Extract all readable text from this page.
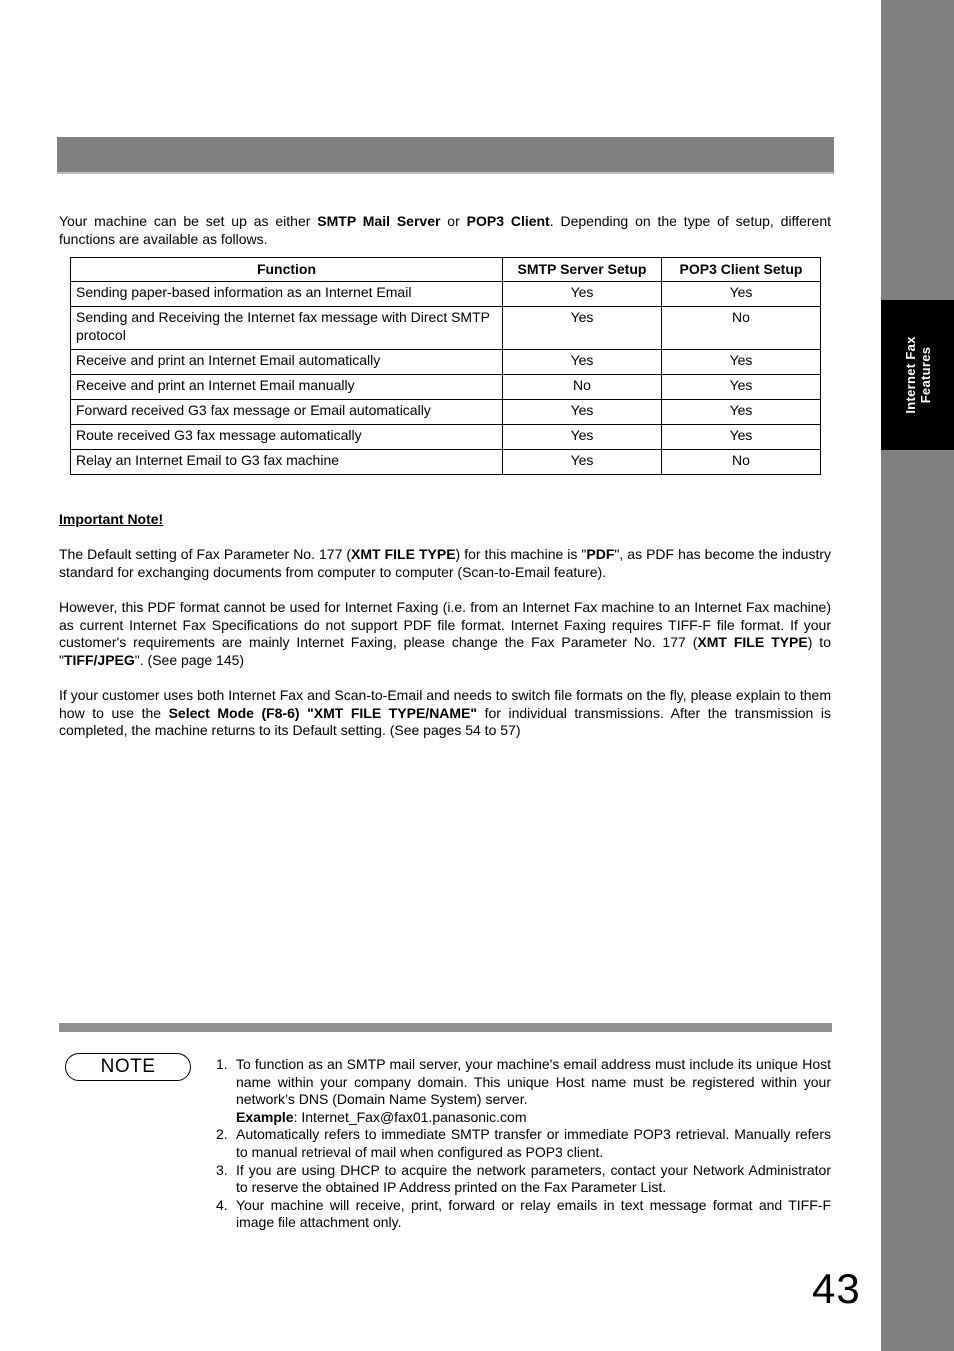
Internet Fax
Features
Your machine can be set up as either SMTP Mail Server or POP3 Client. Depending on the type of setup, different functions are available as follows.
Function	SMTP Server Setup	POP3 Client Setup
Sending paper-based information as an Internet Email	Yes	Yes
Sending and Receiving the Internet fax message with Direct SMTP protocol	Yes	No
Receive and print an Internet Email automatically	Yes	Yes
Receive and print an Internet Email manually	No	Yes
Forward received G3 fax message or Email automatically	Yes	Yes
Route received G3 fax message automatically	Yes	Yes
Relay an Internet Email to G3 fax machine	Yes	No
Important Note!
The Default setting of Fax Parameter No. 177 (XMT FILE TYPE) for this machine is "PDF", as PDF has become the industry standard for exchanging documents from computer to computer (Scan-to-Email feature).
However, this PDF format cannot be used for Internet Faxing (i.e. from an Internet Fax machine to an Internet Fax machine) as current Internet Fax Specifications do not support PDF file format. Internet Faxing requires TIFF-F file format. If your customer's requirements are mainly Internet Faxing, please change the Fax Parameter No. 177 (XMT FILE TYPE) to "TIFF/JPEG". (See page 145)
If your customer uses both Internet Fax and Scan-to-Email and needs to switch file formats on the fly, please explain to them how to use the Select Mode (F8-6) "XMT FILE TYPE/NAME" for individual transmissions. After the transmission is completed, the machine returns to its Default setting. (See pages 54 to 57)
NOTE	1. To function as an SMTP mail server, your machine's email address must include its unique Host name within your company domain. This unique Host name must be registered within your network’s DNS (Domain Name System) server.
Example: Internet_Fax@fax01.panasonic.com
2. Automatically refers to immediate SMTP transfer or immediate POP3 retrieval. Manually refers to manual retrieval of mail when configured as POP3 client.
3. If you are using DHCP to acquire the network parameters, contact your Network Administrator to reserve the obtained IP Address printed on the Fax Parameter List.
4. Your machine will receive, print, forward or relay emails in text message format and TIFF-F image file attachment only.
43
